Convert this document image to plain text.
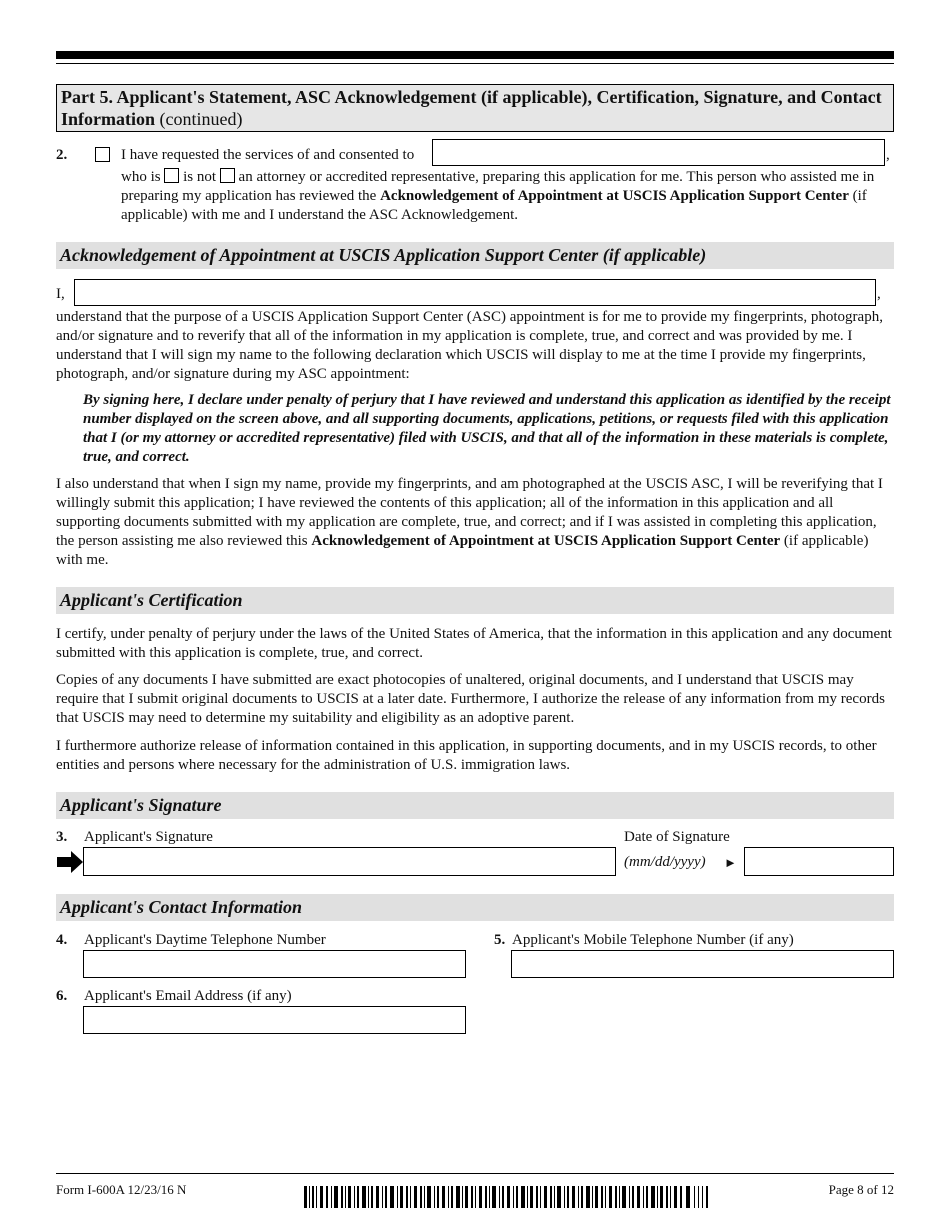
Part 5. Applicant's Statement, ASC Acknowledgement (if applicable), Certification, Signature, and Contact Information (continued)
2.	I have requested the services of and consented to	,
who is is not an attorney or accredited representative, preparing this application for me. This person who assisted me in preparing my application has reviewed the Acknowledgement of Appointment at USCIS Application Support Center (if applicable) with me and I understand the ASC Acknowledgement.
Acknowledgement of Appointment at USCIS Application Support Center (if applicable)
I,	,

understand that the purpose of a USCIS Application Support Center (ASC) appointment is for me to provide my fingerprints, photograph, and/or signature and to reverify that all of the information in my application is complete, true, and correct and was provided by me. I understand that I will sign my name to the following declaration which USCIS will display to me at the time I provide my fingerprints, photograph, and/or signature during my ASC appointment:

By signing here, I declare under penalty of perjury that I have reviewed and understand this application as identified by the receipt number displayed on the screen above, and all supporting documents, applications, petitions, or requests filed with this application that I (or my attorney or accredited representative) filed with USCIS, and that all of the information in these materials is complete, true, and correct.

I also understand that when I sign my name, provide my fingerprints, and am photographed at the USCIS ASC, I will be reverifying that I willingly submit this application; I have reviewed the contents of this application; all of the information in this application and all supporting documents submitted with my application are complete, true, and correct; and if I was assisted in completing this application, the person assisting me also reviewed this Acknowledgement of Appointment at USCIS Application Support Center (if applicable) with me.

Applicant's Certification

I certify, under penalty of perjury under the laws of the United States of America, that the information in this application and any document submitted with this application is complete, true, and correct.

Copies of any documents I have submitted are exact photocopies of unaltered, original documents, and I understand that USCIS may require that I submit original documents to USCIS at a later date. Furthermore, I authorize the release of any information from my records that USCIS may need to determine my suitability and eligibility as an adoptive parent.

I furthermore authorize release of information contained in this application, in supporting documents, and in my USCIS records, to other entities and persons where necessary for the administration of U.S. immigration laws.

Applicant's Signature
3. Applicant's Signature	Date of Signature
(mm/dd/yyyy) ►
Applicant's Contact Information
4. Applicant's Daytime Telephone Number	5. Applicant's Mobile Telephone Number (if any)
6. Applicant's Email Address (if any)
Form I-600A 12/23/16 N	Page 8 of 12
